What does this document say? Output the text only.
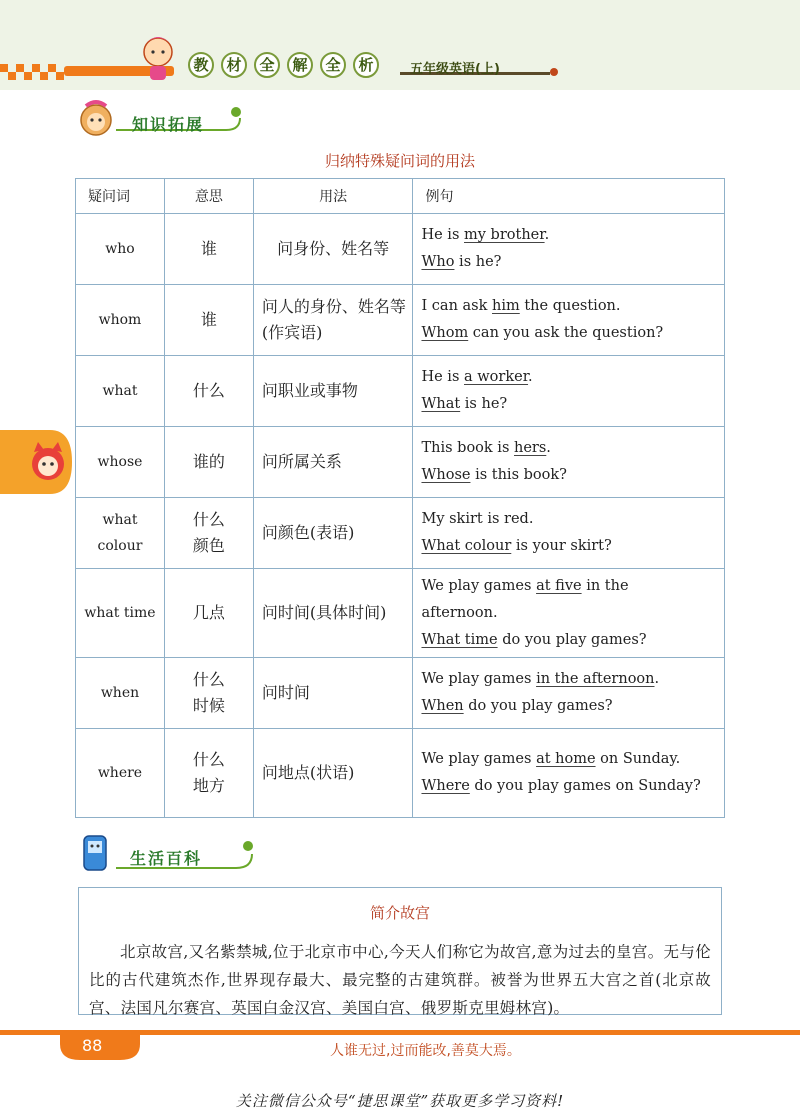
教	材	全	解	全	析	五年级英语(上)
知识拓展
归纳特殊疑问词的用法
疑问词	意思	用法	例句
who	谁	问身份、姓名等	He is my brother.
Who is he?

whom	谁	问人的身份、姓名等(作宾语)	I can ask him the question.
Whom can you ask the question?

what	什么	问职业或事物	He is a worker.
What is he?

whose	谁的	问所属关系	This book is hers.
Whose is this book?

what colour	什么颜色	问颜色(表语)	My skirt is red.
What colour is your skirt?

what time	几点	问时间(具体时间)	We play games at five in the afternoon.
What time do you play games?

when	什么时候	问时间	We play games in the afternoon.
When do you play games?

where	什么地方	问地点(状语)	We play games at home on Sunday.
Where do you play games on Sunday?
生活百科
简介故宫
北京故宫,又名紫禁城,位于北京市中心,今天人们称它为故宫,意为过去的皇宫。无与伦比的古代建筑杰作,世界现存最大、最完整的古建筑群。被誉为世界五大宫之首(北京故宫、法国凡尔赛宫、英国白金汉宫、美国白宫、俄罗斯克里姆林宫)。
88	人谁无过,过而能改,善莫大焉。
关注微信公众号“捷思课堂”获取更多学习资料!
